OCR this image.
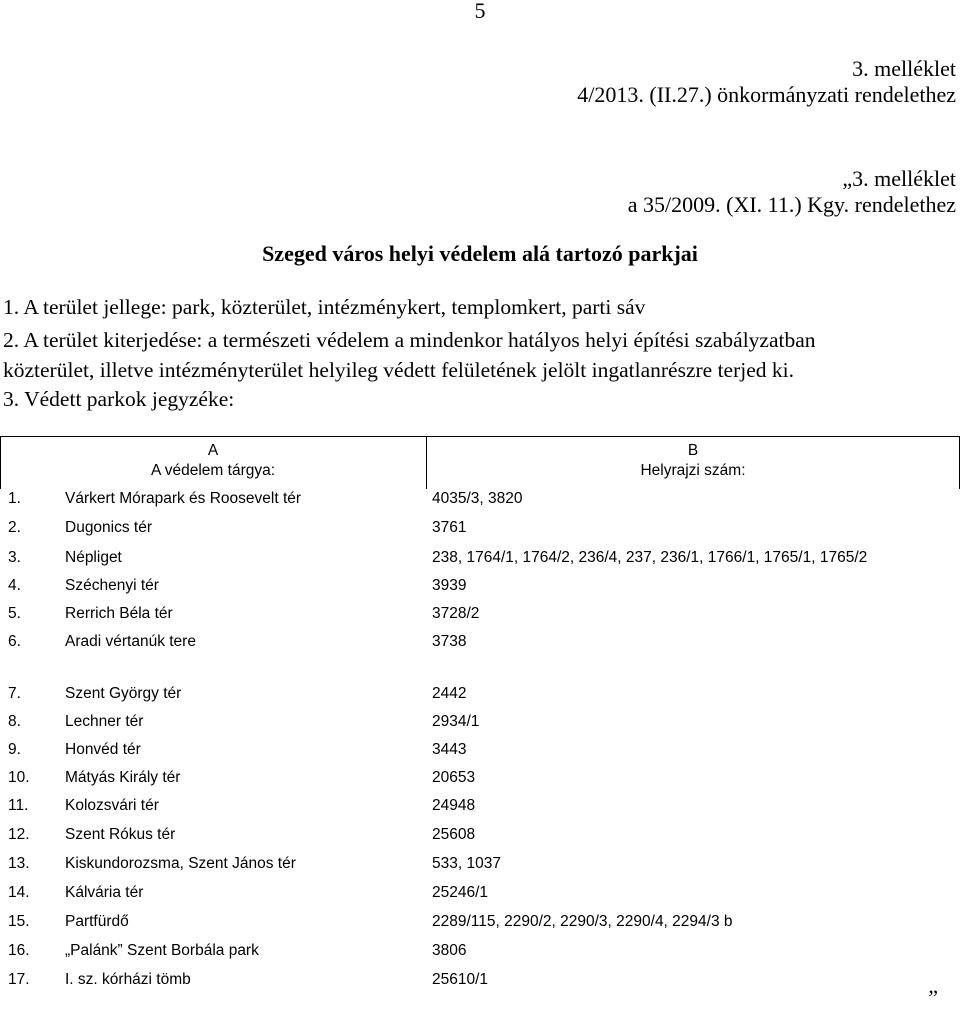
5
3. melléklet
4/2013. (II.27.) önkormányzati rendelethez
„3. melléklet
a 35/2009. (XI. 11.) Kgy. rendelethez
Szeged város helyi védelem alá tartozó parkjai
1. A terület jellege: park, közterület, intézménykert, templomkert, parti sáv
2. A terület kiterjedése: a természeti védelem a mindenkor hatályos helyi építési szabályzatban
közterület, illetve intézményterület helyileg védett felületének jelölt ingatlanrészre terjed ki.
3. Védett parkok jegyzéke:
A
A védelem tárgya:
B
Helyrajzi szám:
1.	Várkert Mórapark és Roosevelt tér	4035/3, 3820
2.	Dugonics tér	3761
3.	Népliget	238, 1764/1, 1764/2, 236/4, 237, 236/1, 1766/1, 1765/1, 1765/2
4.	Széchenyi tér	3939
5.	Rerrich Béla tér	3728/2
6.	Aradi vértanúk tere	3738
7.	Szent György tér	2442
8.	Lechner tér	2934/1
9.	Honvéd tér	3443
10. Mátyás Király tér	20653
11. Kolozsvári tér	24948
12. Szent Rókus tér	25608
13. Kiskundorozsma, Szent János tér	533, 1037
14. Kálvária tér	25246/1
15. Partfürdő	2289/115, 2290/2, 2290/3, 2290/4, 2294/3 b
16. „Palánk” Szent Borbála park	3806
17. I. sz. kórházi tömb	25610/1
”
